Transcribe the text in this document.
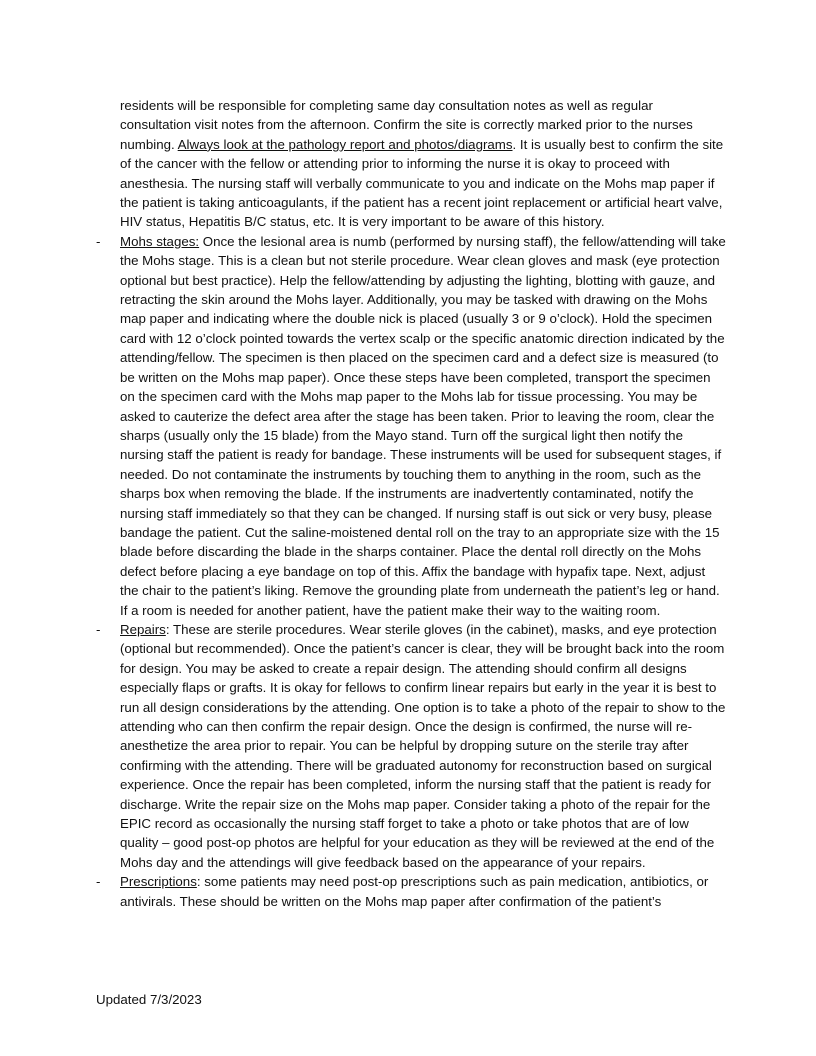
residents will be responsible for completing same day consultation notes as well as regular consultation visit notes from the afternoon. Confirm the site is correctly marked prior to the nurses numbing. Always look at the pathology report and photos/diagrams. It is usually best to confirm the site of the cancer with the fellow or attending prior to informing the nurse it is okay to proceed with anesthesia. The nursing staff will verbally communicate to you and indicate on the Mohs map paper if the patient is taking anticoagulants, if the patient has a recent joint replacement or artificial heart valve, HIV status, Hepatitis B/C status, etc. It is very important to be aware of this history.

-	Mohs stages: Once the lesional area is numb (performed by nursing staff), the fellow/attending will take the Mohs stage. This is a clean but not sterile procedure. Wear clean gloves and mask (eye protection optional but best practice). Help the fellow/attending by adjusting the lighting, blotting with gauze, and retracting the skin around the Mohs layer. Additionally, you may be tasked with drawing on the Mohs map paper and indicating where the double nick is placed (usually 3 or 9 o’clock). Hold the specimen card with 12 o’clock pointed towards the vertex scalp or the specific anatomic direction indicated by the attending/fellow. The specimen is then placed on the specimen card and a defect size is measured (to be written on the Mohs map paper). Once these steps have been completed, transport the specimen on the specimen card with the Mohs map paper to the Mohs lab for tissue processing. You may be asked to cauterize the defect area after the stage has been taken. Prior to leaving the room, clear the sharps (usually only the 15 blade) from the Mayo stand. Turn off the surgical light then notify the nursing staff the patient is ready for bandage. These instruments will be used for subsequent stages, if needed. Do not contaminate the instruments by touching them to anything in the room, such as the sharps box when removing the blade. If the instruments are inadvertently contaminated, notify the nursing staff immediately so that they can be changed. If nursing staff is out sick or very busy, please bandage the patient. Cut the saline-moistened dental roll on the tray to an appropriate size with the 15 blade before discarding the blade in the sharps container. Place the dental roll directly on the Mohs defect before placing a eye bandage on top of this. Affix the bandage with hypafix tape. Next, adjust the chair to the patient’s liking. Remove the grounding plate from underneath the patient’s leg or hand. If a room is needed for another patient, have the patient make their way to the waiting room.
-	Repairs: These are sterile procedures. Wear sterile gloves (in the cabinet), masks, and eye protection (optional but recommended). Once the patient’s cancer is clear, they will be brought back into the room for design. You may be asked to create a repair design. The attending should confirm all designs especially flaps or grafts. It is okay for fellows to confirm linear repairs but early in the year it is best to run all design considerations by the attending. One option is to take a photo of the repair to show to the attending who can then confirm the repair design. Once the design is confirmed, the nurse will re-anesthetize the area prior to repair. You can be helpful by dropping suture on the sterile tray after confirming with the attending. There will be graduated autonomy for reconstruction based on surgical experience. Once the repair has been completed, inform the nursing staff that the patient is ready for discharge. Write the repair size on the Mohs map paper. Consider taking a photo of the repair for the EPIC record as occasionally the nursing staff forget to take a photo or take photos that are of low quality – good post-op photos are helpful for your education as they will be reviewed at the end of the Mohs day and the attendings will give feedback based on the appearance of your repairs.
-	Prescriptions: some patients may need post-op prescriptions such as pain medication, antibiotics, or antivirals. These should be written on the Mohs map paper after confirmation of the patient’s
Updated 7/3/2023
